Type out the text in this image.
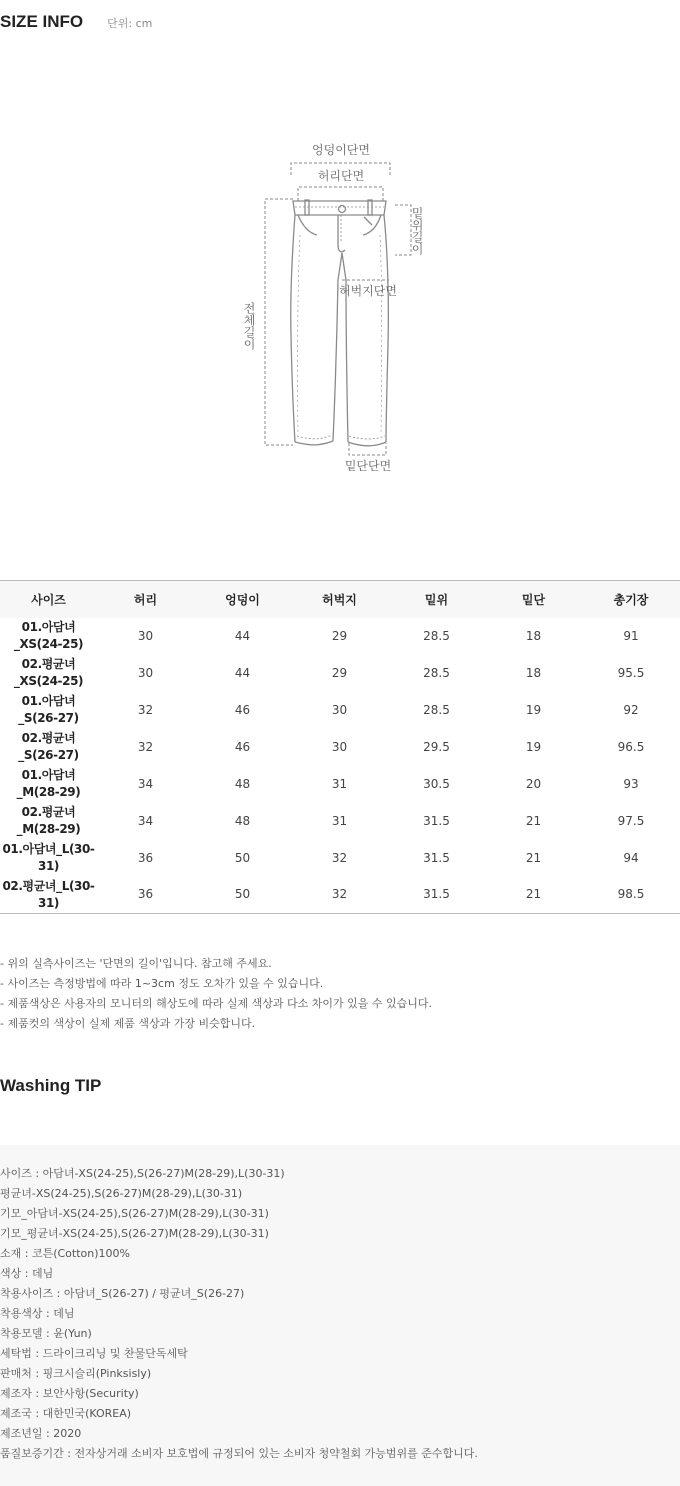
SIZE INFO 단위: cm
엉덩이단면
허리단면
허벅지단면
밑단단면
밑위길이
전체길이
사이즈	허리	엉덩이	허벅지	밑위	밑단	총기장
01.아담녀_XS(24-25)	30	44	29	28.5	18	91
02.평균녀_XS(24-25)	30	44	29	28.5	18	95.5
01.아담녀_S(26-27)	32	46	30	28.5	19	92
02.평균녀_S(26-27)	32	46	30	29.5	19	96.5
01.아담녀_M(28-29)	34	48	31	30.5	20	93
02.평균녀_M(28-29)	34	48	31	31.5	21	97.5
01.아담녀_L(30-31)	36	50	32	31.5	21	94
02.평균녀_L(30-31)	36	50	32	31.5	21	98.5
- 위의 실측사이즈는 '단면의 길이'입니다. 참고해 주세요.
- 사이즈는 측정방법에 따라 1~3cm 정도 오차가 있을 수 있습니다.
- 제품색상은 사용자의 모니터의 해상도에 따라 실제 색상과 다소 차이가 있을 수 있습니다.
- 제품컷의 색상이 실제 제품 색상과 가장 비슷합니다.
Washing TIP
사이즈 : 아담녀-XS(24-25),S(26-27)M(28-29),L(30-31)
평균녀-XS(24-25),S(26-27)M(28-29),L(30-31)
기모_아담녀-XS(24-25),S(26-27)M(28-29),L(30-31)
기모_평균녀-XS(24-25),S(26-27)M(28-29),L(30-31)
소재 : 코튼(Cotton)100%
색상 : 데님
착용사이즈 : 아담녀_S(26-27) / 평균녀_S(26-27)
착용색상 : 데님
착용모델 : 윤(Yun)
세탁법 : 드라이크리닝 및 찬물단독세탁
판매처 : 핑크시슬리(Pinksisly)
제조자 : 보안사항(Security)
제조국 : 대한민국(KOREA)
제조년일 : 2020
품질보증기간 : 전자상거래 소비자 보호법에 규정되어 있는 소비자 청약철회 가능범위를 준수합니다.
